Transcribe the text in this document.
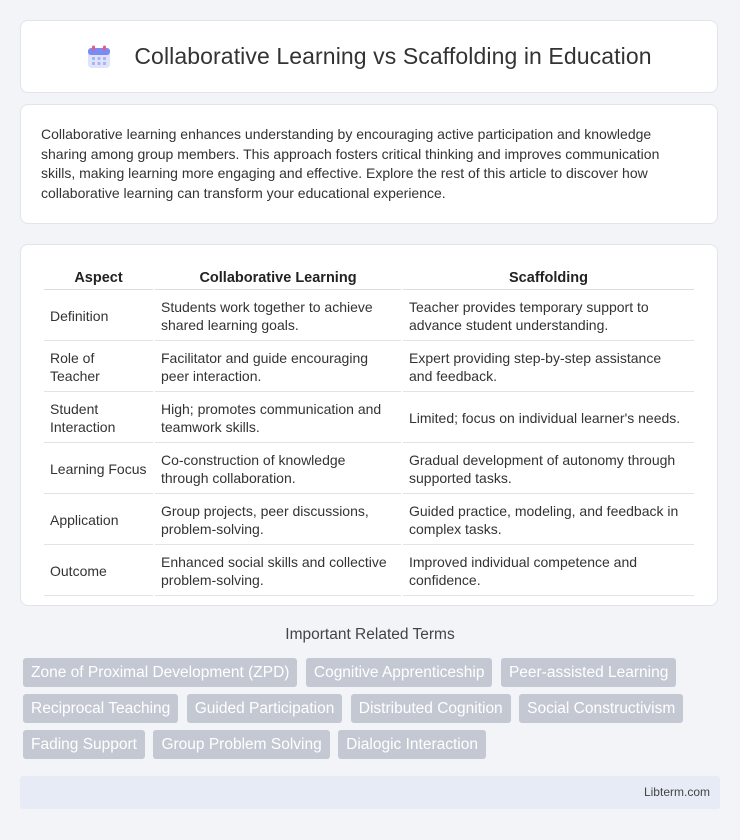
Collaborative Learning vs Scaffolding in Education

Collaborative learning enhances understanding by encouraging active participation and knowledge sharing among group members. This approach fosters critical thinking and improves communication skills, making learning more engaging and effective. Explore the rest of this article to discover how collaborative learning can transform your educational experience.

Aspect	Collaborative Learning	Scaffolding
Definition	Students work together to achieve shared learning goals.	Teacher provides temporary support to advance student understanding.
Role of Teacher	Facilitator and guide encouraging peer interaction.	Expert providing step-by-step assistance and feedback.
Student Interaction	High; promotes communication and teamwork skills.	Limited; focus on individual learner's needs.
Learning Focus	Co-construction of knowledge through collaboration.	Gradual development of autonomy through supported tasks.
Application	Group projects, peer discussions, problem-solving.	Guided practice, modeling, and feedback in complex tasks.
Outcome	Enhanced social skills and collective problem-solving.	Improved individual competence and confidence.
Important Related Terms
Zone of Proximal Development (ZPD) Cognitive Apprenticeship Peer-assisted Learning Reciprocal Teaching Guided Participation Distributed Cognition Social Constructivism Fading Support Group Problem Solving Dialogic Interaction
Libterm.com
